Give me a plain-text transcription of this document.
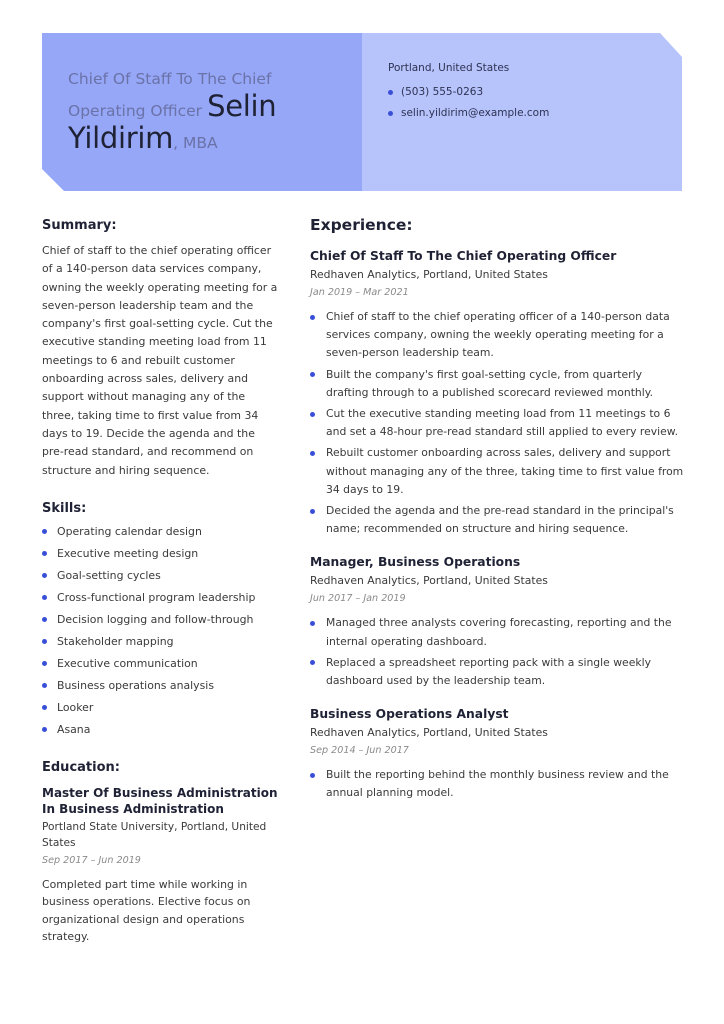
Chief Of Staff To The Chief Operating Officer Selin Yildirim, MBA
Portland, United States
(503) 555-0263
selin.yildirim@example.com
Summary:

Chief of staff to the chief operating officer of a 140-person data services company, owning the weekly operating meeting for a seven-person leadership team and the company's first goal-setting cycle. Cut the executive standing meeting load from 11 meetings to 6 and rebuilt customer onboarding across sales, delivery and support without managing any of the three, taking time to first value from 34 days to 19. Decide the agenda and the pre-read standard, and recommend on structure and hiring sequence.

Skills:
Operating calendar design
Executive meeting design
Goal-setting cycles
Cross-functional program leadership
Decision logging and follow-through
Stakeholder mapping
Executive communication
Business operations analysis
Looker
Asana
Education:
Master Of Business Administration In Business Administration
Portland State University, Portland, United States
Sep 2017 – Jun 2019

Completed part time while working in business operations. Elective focus on organizational design and operations strategy.

Experience:
Chief Of Staff To The Chief Operating Officer
Redhaven Analytics, Portland, United States
Jan 2019 – Mar 2021
Chief of staff to the chief operating officer of a 140-person data services company, owning the weekly operating meeting for a seven-person leadership team.
Built the company's first goal-setting cycle, from quarterly drafting through to a published scorecard reviewed monthly.
Cut the executive standing meeting load from 11 meetings to 6 and set a 48-hour pre-read standard still applied to every review.
Rebuilt customer onboarding across sales, delivery and support without managing any of the three, taking time to first value from 34 days to 19.
Decided the agenda and the pre-read standard in the principal's name; recommended on structure and hiring sequence.
Manager, Business Operations
Redhaven Analytics, Portland, United States
Jun 2017 – Jan 2019
Managed three analysts covering forecasting, reporting and the internal operating dashboard.
Replaced a spreadsheet reporting pack with a single weekly dashboard used by the leadership team.
Business Operations Analyst
Redhaven Analytics, Portland, United States
Sep 2014 – Jun 2017
Built the reporting behind the monthly business review and the annual planning model.
